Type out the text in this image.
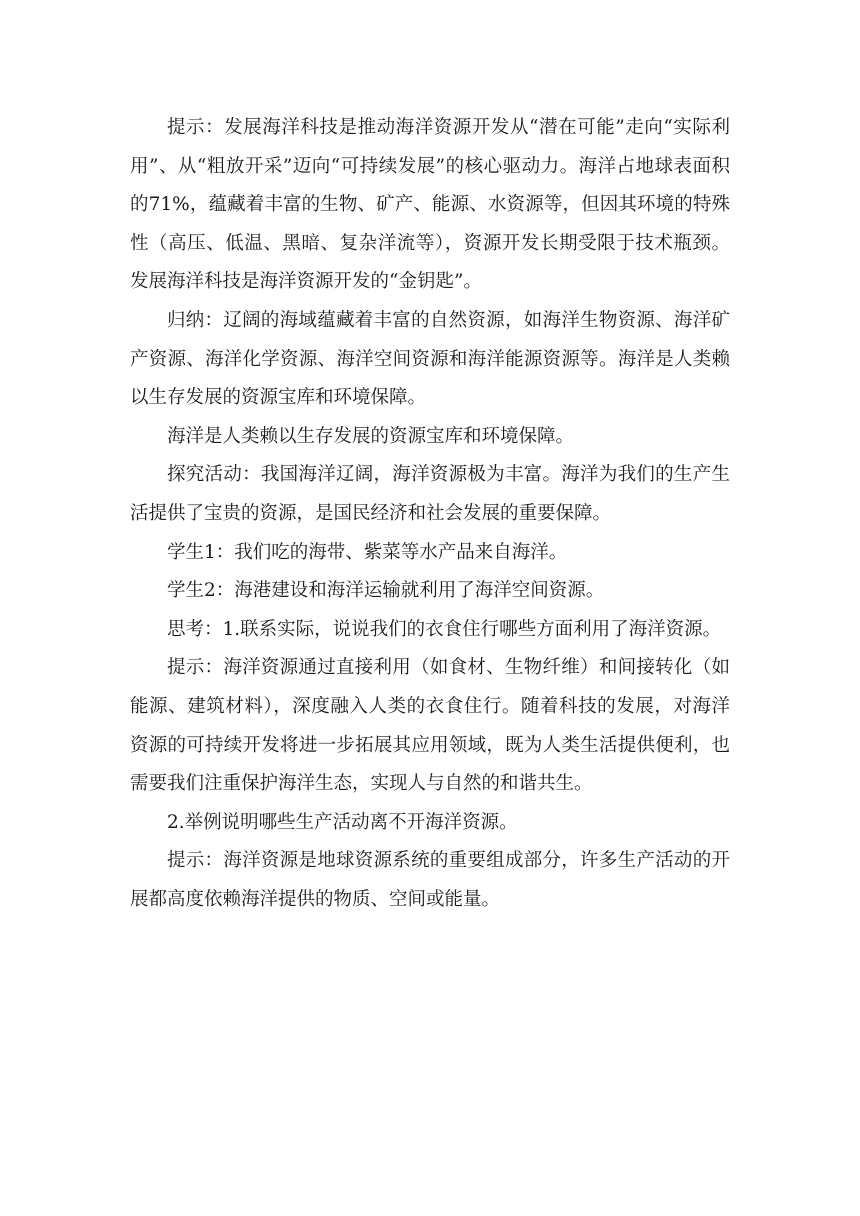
提示：发展海洋科技是推动海洋资源开发从“潜在可能”走向“实际利用”、从“粗放开采”迈向“可持续发展”的核心驱动力。海洋占地球表面积的71%，蕴藏着丰富的生物、矿产、能源、水资源等，但因其环境的特殊性（高压、低温、黑暗、复杂洋流等），资源开发长期受限于技术瓶颈。发展海洋科技是海洋资源开发的“金钥匙”。

归纳：辽阔的海域蕴藏着丰富的自然资源，如海洋生物资源、海洋矿产资源、海洋化学资源、海洋空间资源和海洋能源资源等。海洋是人类赖以生存发展的资源宝库和环境保障。

海洋是人类赖以生存发展的资源宝库和环境保障。

探究活动：我国海洋辽阔，海洋资源极为丰富。海洋为我们的生产生活提供了宝贵的资源，是国民经济和社会发展的重要保障。

学生1：我们吃的海带、紫菜等水产品来自海洋。

学生2：海港建设和海洋运输就利用了海洋空间资源。

思考：1.联系实际，说说我们的衣食住行哪些方面利用了海洋资源。

提示：海洋资源通过直接利用（如食材、生物纤维）和间接转化（如能源、建筑材料），深度融入人类的衣食住行。随着科技的发展，对海洋资源的可持续开发将进一步拓展其应用领域，既为人类生活提供便利，也需要我们注重保护海洋生态，实现人与自然的和谐共生。

2.举例说明哪些生产活动离不开海洋资源。

提示：海洋资源是地球资源系统的重要组成部分，许多生产活动的开展都高度依赖海洋提供的物质、空间或能量。
